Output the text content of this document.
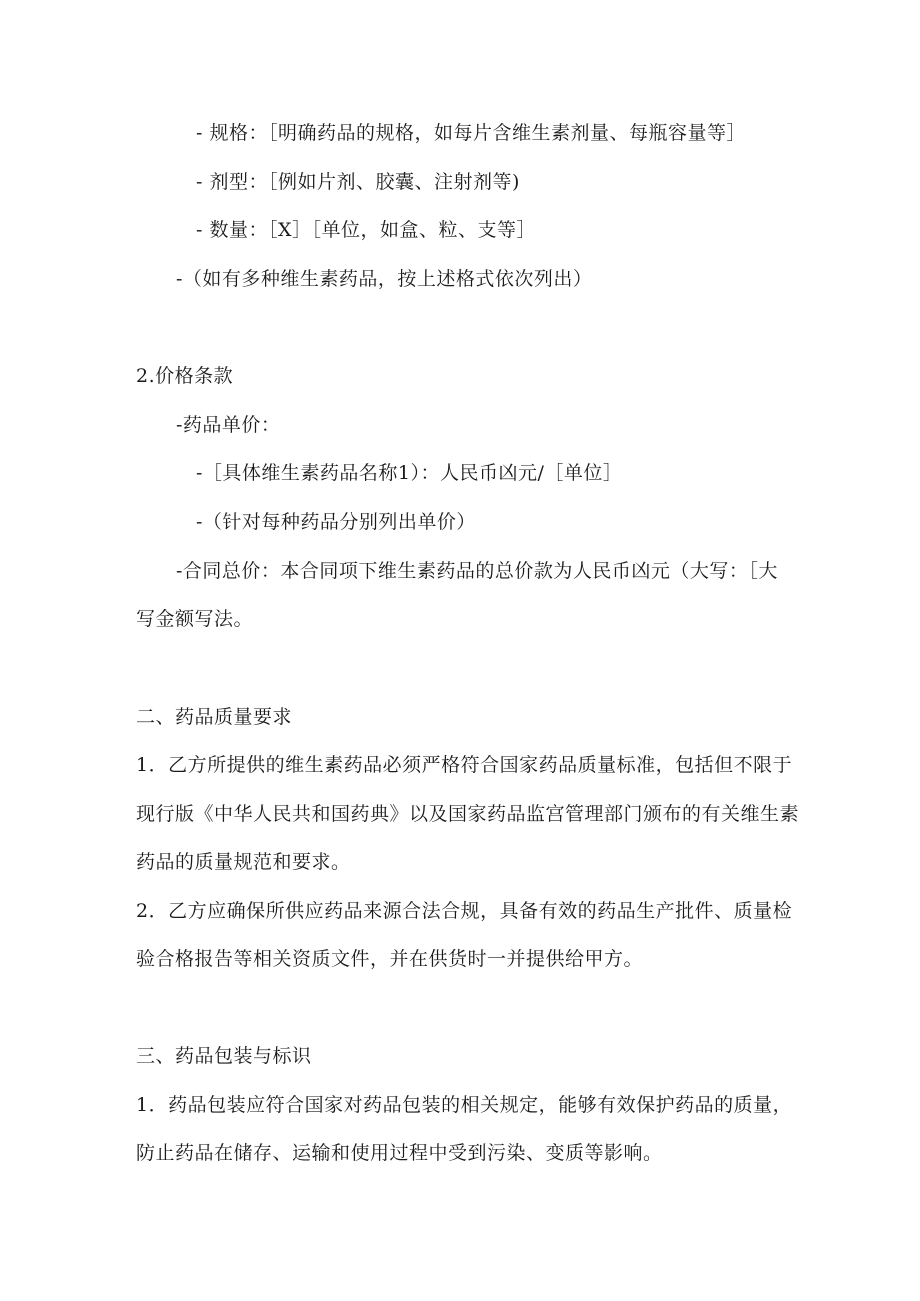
- 规格：［明确药品的规格，如每片含维生素剂量、每瓶容量等］
- 剂型：［例如片剂、胶囊、注射剂等)
- 数量：［X］［单位，如盒、粒、支等］
-（如有多种维生素药品，按上述格式依次列出）
2.价格条款
-药品单价：
-［具体维生素药品名称1）：人民币凶元/［单位］
-（针对每种药品分别列出单价）
-合同总价：本合同项下维生素药品的总价款为人民币凶元（大写：［大
写金额写法。
二、药品质量要求
1．乙方所提供的维生素药品必须严格符合国家药品质量标准，包括但不限于
现行版《中华人民共和国药典》以及国家药品监宫管理部门颁布的有关维生素
药品的质量规范和要求。
2．乙方应确保所供应药品来源合法合规，具备有效的药品生产批件、质量检
验合格报告等相关资质文件，并在供货时一并提供给甲方。
三、药品包装与标识
1．药品包装应符合国家对药品包装的相关规定，能够有效保护药品的质量，
防止药品在储存、运输和使用过程中受到污染、变质等影响。
